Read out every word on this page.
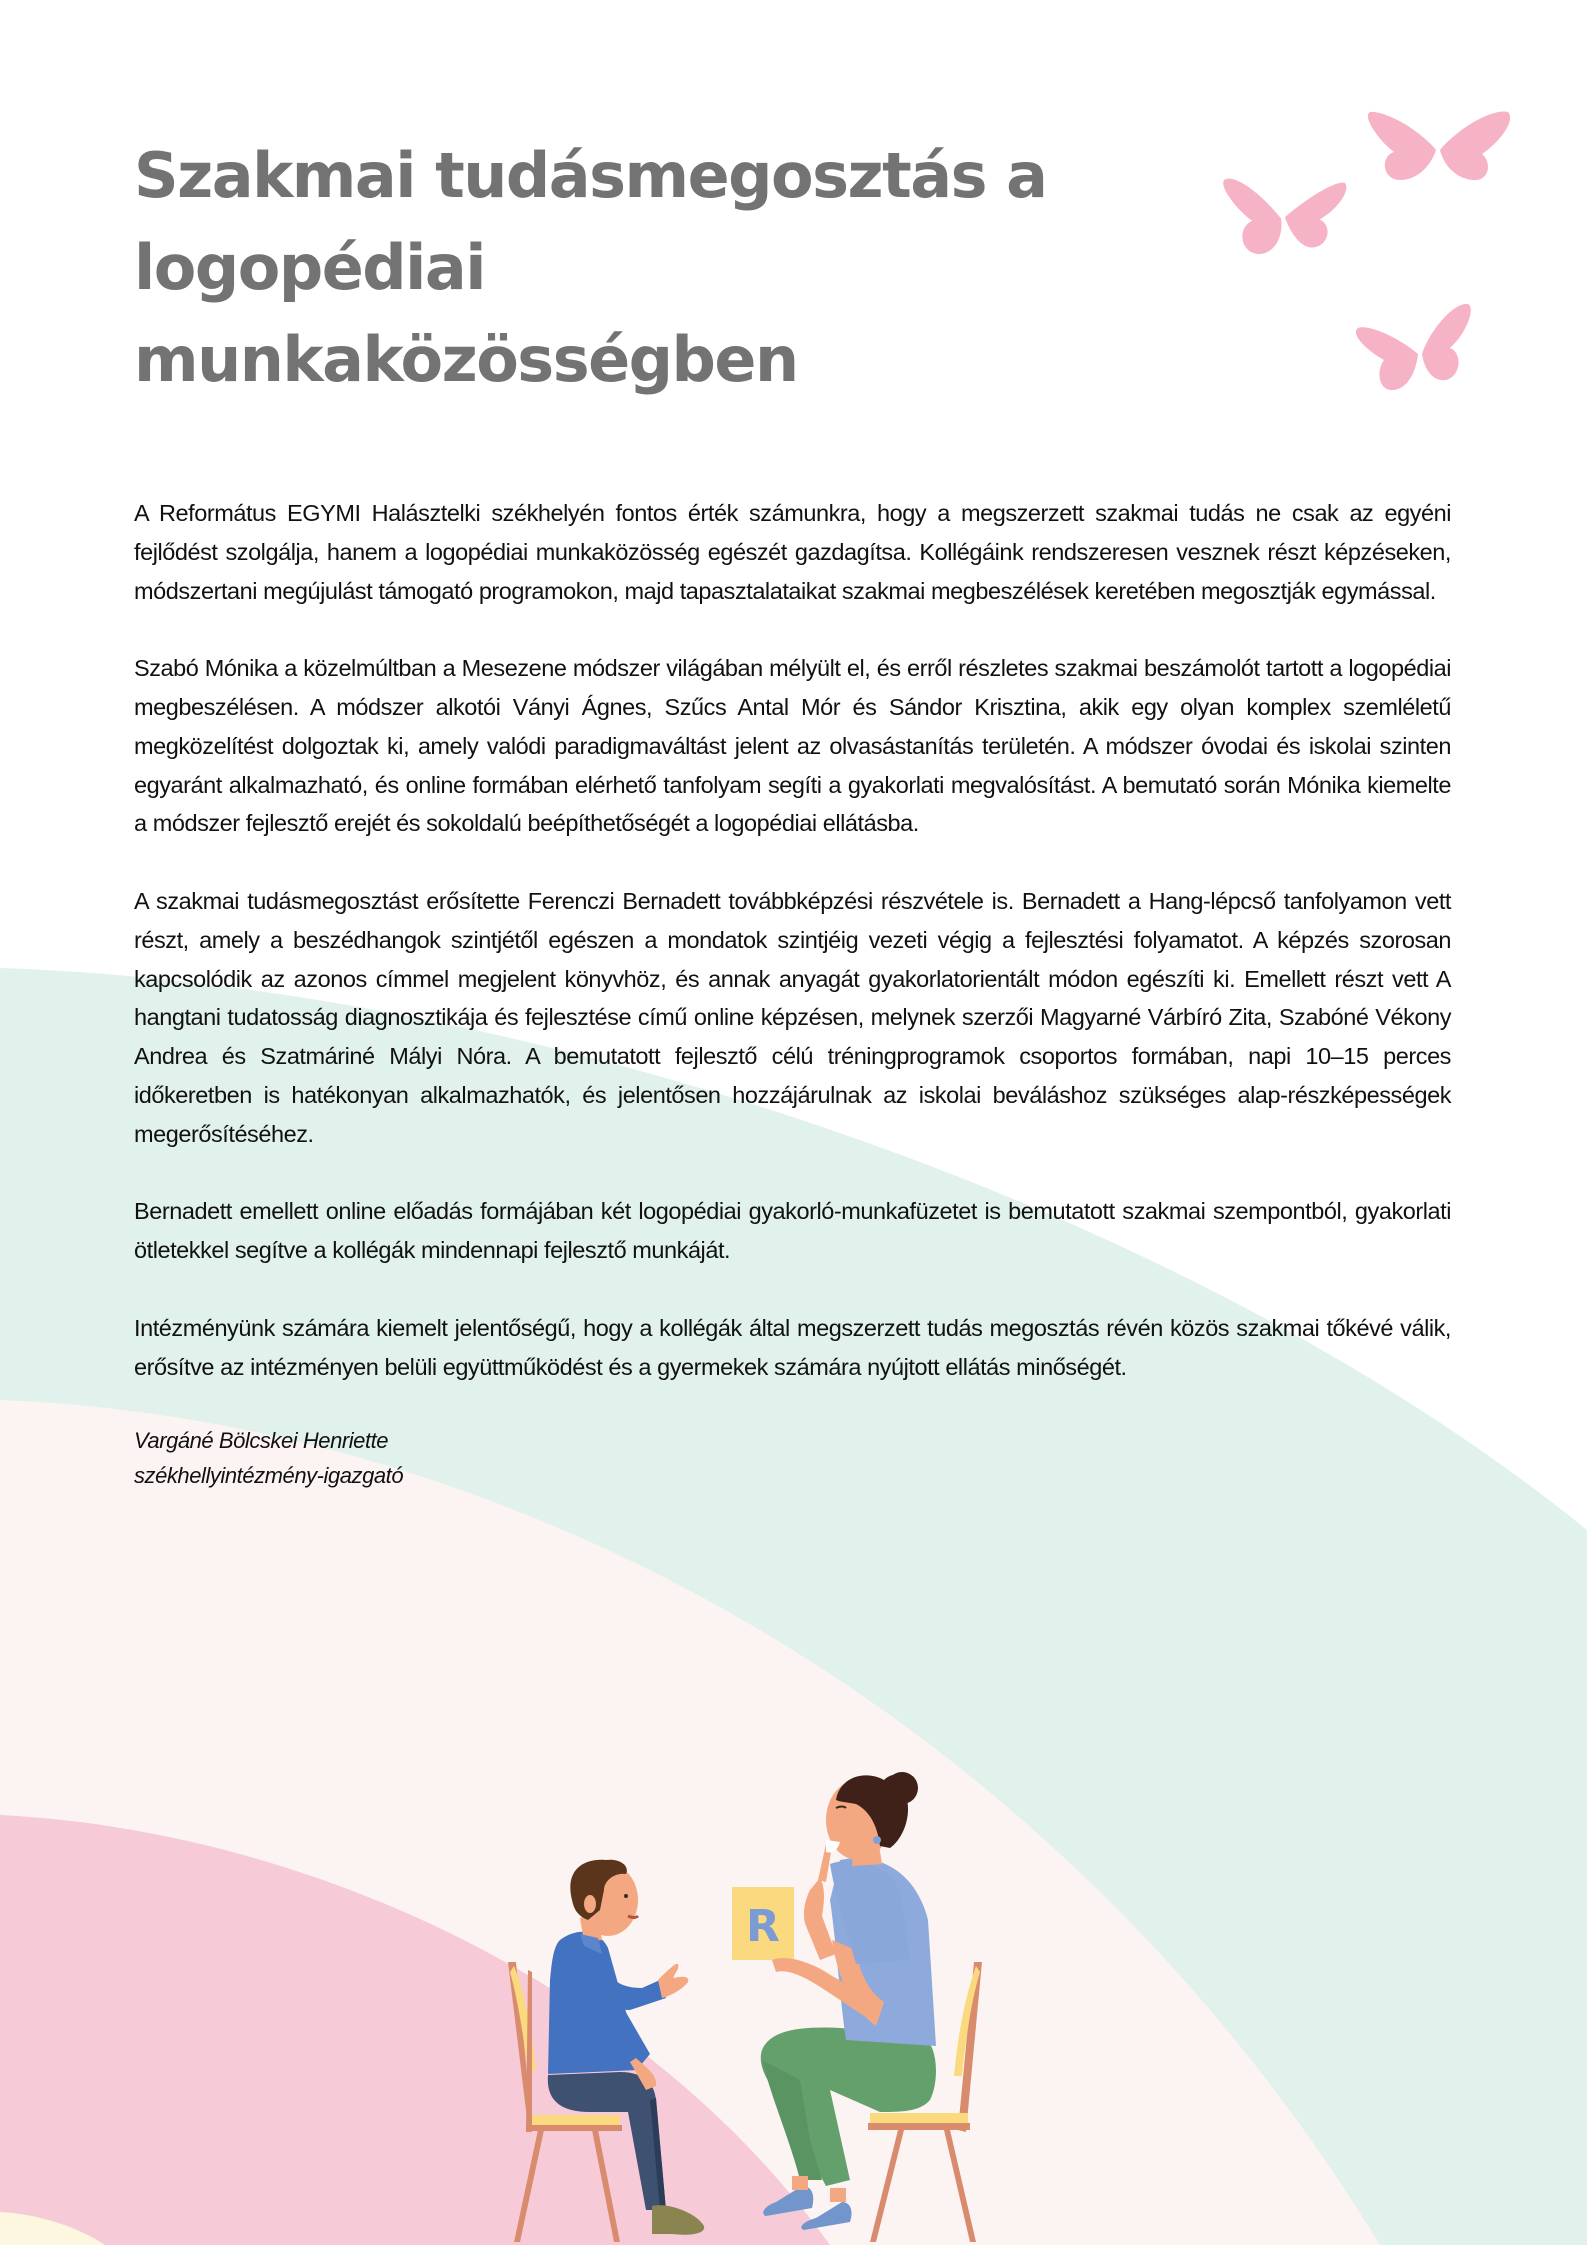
Szakmai tudásmegosztás a
logopédiai
munkaközösségben

A Református EGYMI Halásztelki székhelyén fontos érték számunkra, hogy a megszerzett szakmai tudás ne csak az egyéni fejlődést szolgálja, hanem a logopédiai munkaközösség egészét gazdagítsa. Kollégáink rendszeresen vesznek részt képzéseken, módszertani megújulást támogató programokon, majd tapasztalataikat szakmai megbeszélések keretében megosztják egymással.

Szabó Mónika a közelmúltban a Mesezene módszer világában mélyült el, és erről részletes szakmai beszámolót tartott a logopédiai megbeszélésen. A módszer alkotói Ványi Ágnes, Szűcs Antal Mór és Sándor Krisztina, akik egy olyan komplex szemléletű megközelítést dolgoztak ki, amely valódi paradigmaváltást jelent az olvasástanítás területén. A módszer óvodai és iskolai szinten egyaránt alkalmazható, és online formában elérhető tanfolyam segíti a gyakorlati megvalósítást. A bemutató során Mónika kiemelte a módszer fejlesztő erejét és sokoldalú beépíthetőségét a logopédiai ellátásba.

A szakmai tudásmegosztást erősítette Ferenczi Bernadett továbbképzési részvétele is. Bernadett a Hang-lépcső tanfolyamon vett részt, amely a beszédhangok szintjétől egészen a mondatok szintjéig vezeti végig a fejlesztési folyamatot. A képzés szorosan kapcsolódik az azonos címmel megjelent könyvhöz, és annak anyagát gyakorlatorientált módon egészíti ki. Emellett részt vett A hangtani tudatosság diagnosztikája és fejlesztése című online képzésen, melynek szerzői Magyarné Várbíró Zita, Szabóné Vékony Andrea és Szatmáriné Mályi Nóra. A bemutatott fejlesztő célú tréningprogramok csoportos formában, napi 10–15 perces időkeretben is hatékonyan alkalmazhatók, és jelentősen hozzájárulnak az iskolai beváláshoz szükséges alap-részképességek megerősítéséhez.

Bernadett emellett online előadás formájában két logopédiai gyakorló-munkafüzetet is bemutatott szakmai szempontból, gyakorlati ötletekkel segítve a kollégák mindennapi fejlesztő munkáját.

Intézményünk számára kiemelt jelentőségű, hogy a kollégák által megszerzett tudás megosztás révén közös szakmai tőkévé válik, erősítve az intézményen belüli együttműködést és a gyermekek számára nyújtott ellátás minőségét.

Vargáné Bölcskei Henriette
székhellyintézmény-igazgató
R
